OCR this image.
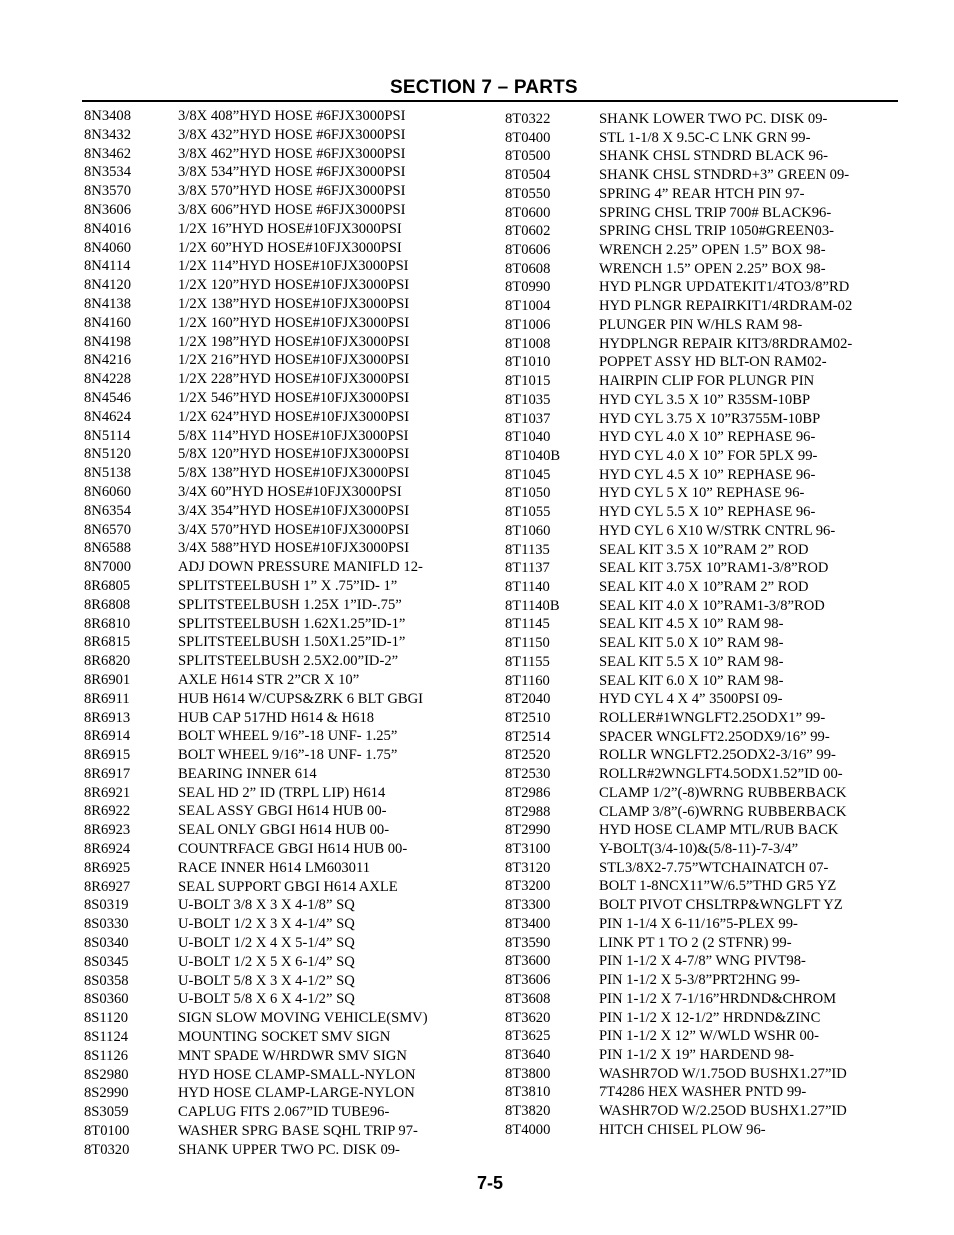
SECTION 7 – PARTS
8N3408	3/8X 408”HYD HOSE #6FJX3000PSI
8N3432	3/8X 432”HYD HOSE #6FJX3000PSI
8N3462	3/8X 462”HYD HOSE #6FJX3000PSI
8N3534	3/8X 534”HYD HOSE #6FJX3000PSI
8N3570	3/8X 570”HYD HOSE #6FJX3000PSI
8N3606	3/8X 606”HYD HOSE #6FJX3000PSI
8N4016	1/2X 16”HYD HOSE#10FJX3000PSI
8N4060	1/2X 60”HYD HOSE#10FJX3000PSI
8N4114	1/2X 114”HYD HOSE#10FJX3000PSI
8N4120	1/2X 120”HYD HOSE#10FJX3000PSI
8N4138	1/2X 138”HYD HOSE#10FJX3000PSI
8N4160	1/2X 160”HYD HOSE#10FJX3000PSI
8N4198	1/2X 198”HYD HOSE#10FJX3000PSI
8N4216	1/2X 216”HYD HOSE#10FJX3000PSI
8N4228	1/2X 228”HYD HOSE#10FJX3000PSI
8N4546	1/2X 546”HYD HOSE#10FJX3000PSI
8N4624	1/2X 624”HYD HOSE#10FJX3000PSI
8N5114	5/8X 114”HYD HOSE#10FJX3000PSI
8N5120	5/8X 120”HYD HOSE#10FJX3000PSI
8N5138	5/8X 138”HYD HOSE#10FJX3000PSI
8N6060	3/4X 60”HYD HOSE#10FJX3000PSI
8N6354	3/4X 354”HYD HOSE#10FJX3000PSI
8N6570	3/4X 570”HYD HOSE#10FJX3000PSI
8N6588	3/4X 588”HYD HOSE#10FJX3000PSI
8N7000	ADJ DOWN PRESSURE MANIFLD 12-
8R6805	SPLITSTEELBUSH 1” X .75”ID- 1”
8R6808	SPLITSTEELBUSH 1.25X 1”ID-.75”
8R6810	SPLITSTEELBUSH 1.62X1.25”ID-1”
8R6815	SPLITSTEELBUSH 1.50X1.25”ID-1”
8R6820	SPLITSTEELBUSH 2.5X2.00”ID-2”
8R6901	AXLE H614 STR 2”CR X 10”
8R6911	HUB H614 W/CUPS&ZRK 6 BLT GBGI
8R6913	HUB CAP 517HD H614 & H618
8R6914	BOLT WHEEL 9/16”-18 UNF- 1.25”
8R6915	BOLT WHEEL 9/16”-18 UNF- 1.75”
8R6917	BEARING INNER 614
8R6921	SEAL HD 2” ID (TRPL LIP) H614
8R6922	SEAL ASSY GBGI H614 HUB 00-
8R6923	SEAL ONLY GBGI H614 HUB 00-
8R6924	COUNTRFACE GBGI H614 HUB 00-
8R6925	RACE INNER H614 LM603011
8R6927	SEAL SUPPORT GBGI H614 AXLE
8S0319	U-BOLT 3/8 X 3 X 4-1/8” SQ
8S0330	U-BOLT 1/2 X 3 X 4-1/4” SQ
8S0340	U-BOLT 1/2 X 4 X 5-1/4” SQ
8S0345	U-BOLT 1/2 X 5 X 6-1/4” SQ
8S0358	U-BOLT 5/8 X 3 X 4-1/2” SQ
8S0360	U-BOLT 5/8 X 6 X 4-1/2” SQ
8S1120	SIGN SLOW MOVING VEHICLE(SMV)
8S1124	MOUNTING SOCKET SMV SIGN
8S1126	MNT SPADE W/HRDWR SMV SIGN
8S2980	HYD HOSE CLAMP-SMALL-NYLON
8S2990	HYD HOSE CLAMP-LARGE-NYLON
8S3059	CAPLUG FITS 2.067”ID TUBE96-
8T0100	WASHER SPRG BASE SQHL TRIP 97-
8T0320	SHANK UPPER TWO PC. DISK 09-
8T0322	SHANK LOWER TWO PC. DISK 09-
8T0400	STL 1-1/8 X 9.5C-C LNK GRN 99-
8T0500	SHANK CHSL STNDRD BLACK 96-
8T0504	SHANK CHSL STNDRD+3” GREEN 09-
8T0550	SPRING 4” REAR HTCH PIN 97-
8T0600	SPRING CHSL TRIP 700# BLACK96-
8T0602	SPRING CHSL TRIP 1050#GREEN03-
8T0606	WRENCH 2.25” OPEN 1.5” BOX 98-
8T0608	WRENCH 1.5” OPEN 2.25” BOX 98-
8T0990	HYD PLNGR UPDATEKIT1/4TO3/8”RD
8T1004	HYD PLNGR REPAIRKIT1/4RDRAM-02
8T1006	PLUNGER PIN W/HLS RAM 98-
8T1008	HYDPLNGR REPAIR KIT3/8RDRAM02-
8T1010	POPPET ASSY HD BLT-ON RAM02-
8T1015	HAIRPIN CLIP FOR PLUNGR PIN
8T1035	HYD CYL 3.5 X 10” R35SM-10BP
8T1037	HYD CYL 3.75 X 10”R3755M-10BP
8T1040	HYD CYL 4.0 X 10” REPHASE 96-
8T1040B	HYD CYL 4.0 X 10” FOR 5PLX 99-
8T1045	HYD CYL 4.5 X 10” REPHASE 96-
8T1050	HYD CYL 5 X 10” REPHASE 96-
8T1055	HYD CYL 5.5 X 10” REPHASE 96-
8T1060	HYD CYL 6 X10 W/STRK CNTRL 96-
8T1135	SEAL KIT 3.5 X 10”RAM 2” ROD
8T1137	SEAL KIT 3.75X 10”RAM1-3/8”ROD
8T1140	SEAL KIT 4.0 X 10”RAM 2” ROD
8T1140B	SEAL KIT 4.0 X 10”RAM1-3/8”ROD
8T1145	SEAL KIT 4.5 X 10” RAM 98-
8T1150	SEAL KIT 5.0 X 10” RAM 98-
8T1155	SEAL KIT 5.5 X 10” RAM 98-
8T1160	SEAL KIT 6.0 X 10” RAM 98-
8T2040	HYD CYL 4 X 4” 3500PSI 09-
8T2510	ROLLER#1WNGLFT2.25ODX1” 99-
8T2514	SPACER WNGLFT2.25ODX9/16” 99-
8T2520	ROLLR WNGLFT2.25ODX2-3/16” 99-
8T2530	ROLLR#2WNGLFT4.5ODX1.52”ID 00-
8T2986	CLAMP 1/2”(-8)WRNG RUBBERBACK
8T2988	CLAMP 3/8”(-6)WRNG RUBBERBACK
8T2990	HYD HOSE CLAMP MTL/RUB BACK
8T3100	Y-BOLT(3/4-10)&(5/8-11)-7-3/4”
8T3120	STL3/8X2-7.75”WTCHAINATCH 07-
8T3200	BOLT 1-8NCX11”W/6.5”THD GR5 YZ
8T3300	BOLT PIVOT CHSLTRP&WNGLFT YZ
8T3400	PIN 1-1/4 X 6-11/16”5-PLEX 99-
8T3590	LINK PT 1 TO 2 (2 STFNR) 99-
8T3600	PIN 1-1/2 X 4-7/8” WNG PIVT98-
8T3606	PIN 1-1/2 X 5-3/8”PRT2HNG 99-
8T3608	PIN 1-1/2 X 7-1/16”HRDND&CHROM
8T3620	PIN 1-1/2 X 12-1/2” HRDND&ZINC
8T3625	PIN 1-1/2 X 12” W/WLD WSHR 00-
8T3640	PIN 1-1/2 X 19” HARDEND 98-
8T3800	WASHR7OD W/1.75OD BUSHX1.27”ID
8T3810	7T4286 HEX WASHER PNTD 99-
8T3820	WASHR7OD W/2.25OD BUSHX1.27”ID
8T4000	HITCH CHISEL PLOW 96-
7-5
